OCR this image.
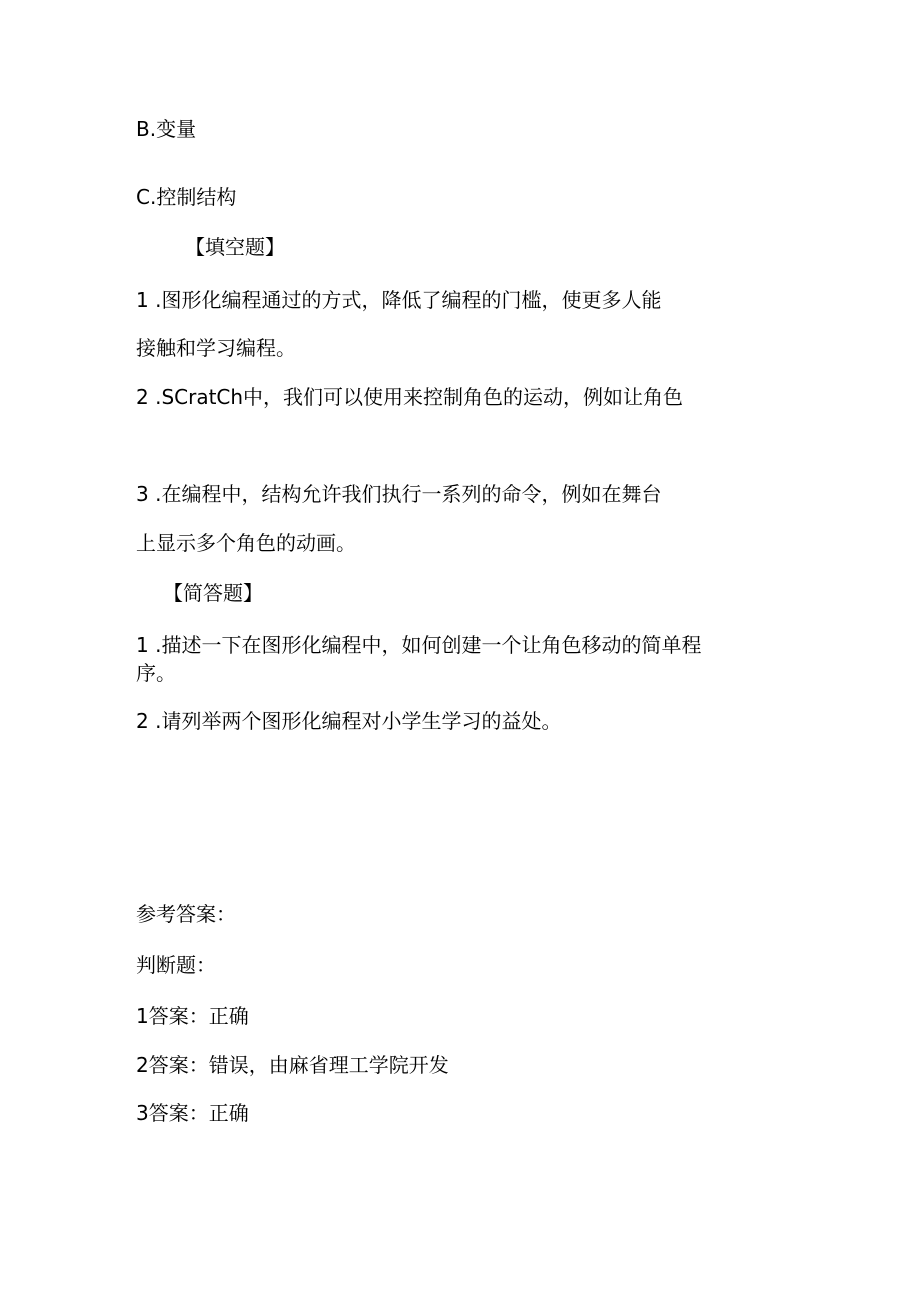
B.变量

C.控制结构

【填空题】

1 .图形化编程通过的方式，降低了编程的门槛，使更多人能

接触和学习编程。

2 .SCratCh中，我们可以使用来控制角色的运动，例如让角色

3 .在编程中，结构允许我们执行一系列的命令，例如在舞台

上显示多个角色的动画。

【简答题】

1 .描述一下在图形化编程中，如何创建一个让角色移动的简单程

序。

2 .请列举两个图形化编程对小学生学习的益处。

参考答案：

判断题：

1答案：正确

2答案：错误，由麻省理工学院开发

3答案：正确
